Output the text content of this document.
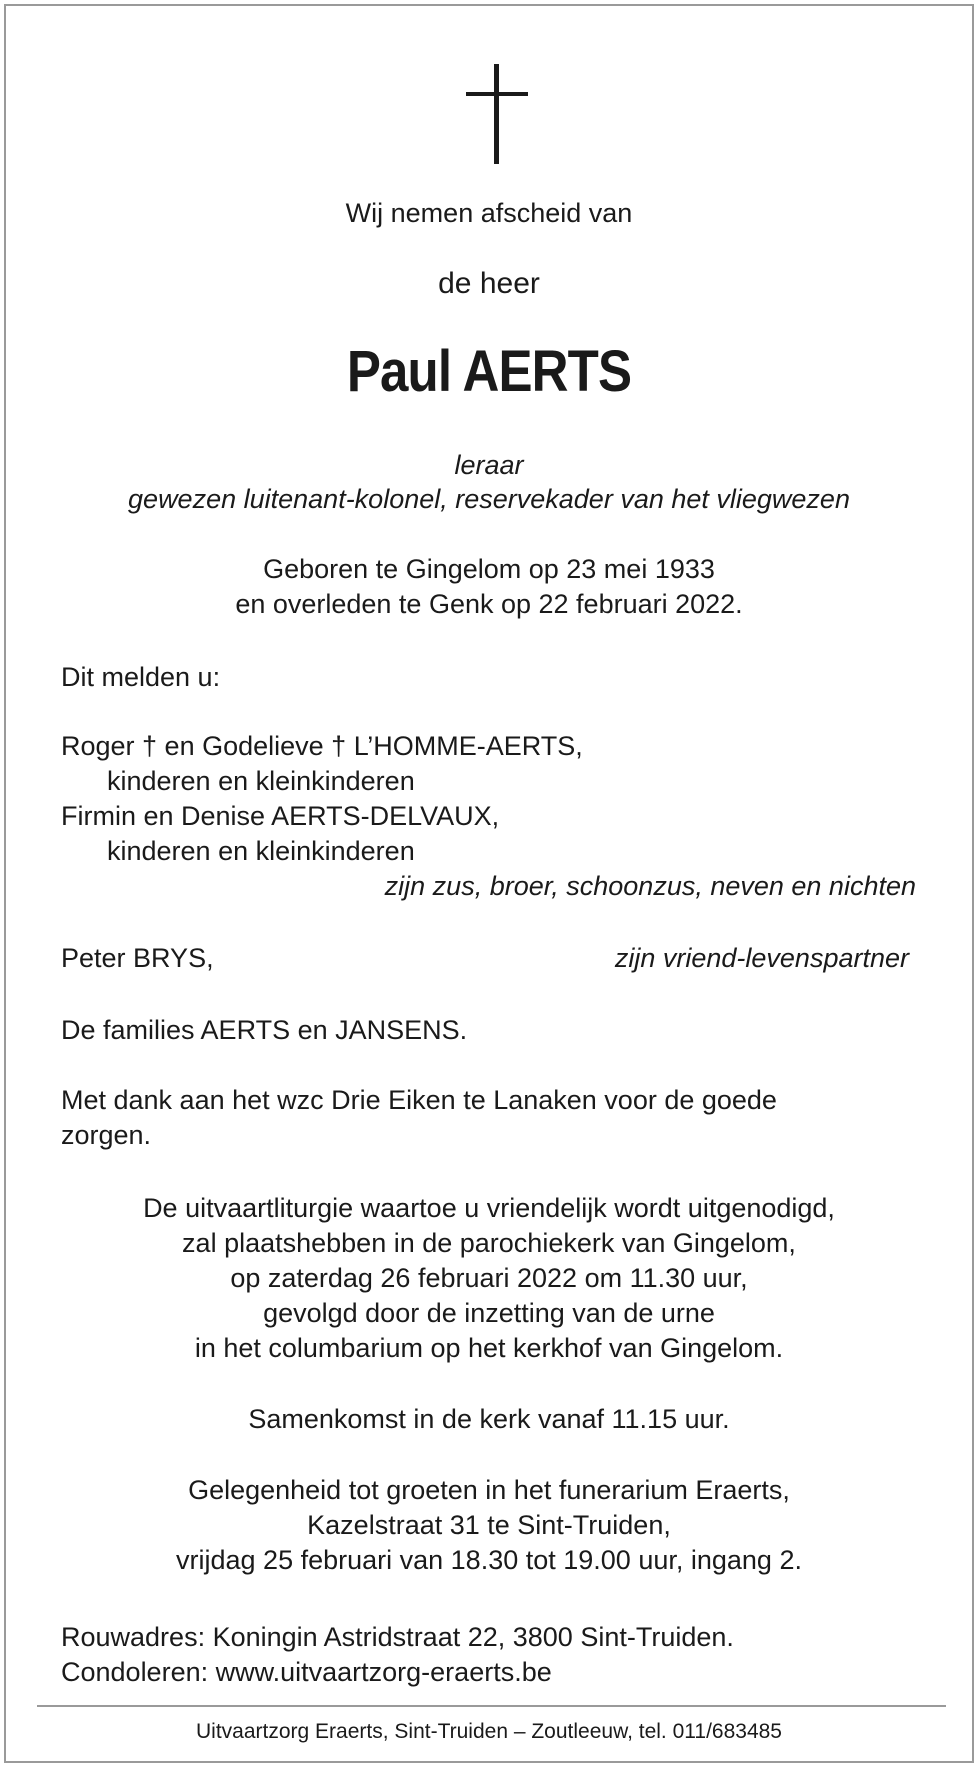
Wij nemen afscheid van
de heer
Paul AERTS
leraar
gewezen luitenant-kolonel, reservekader van het vliegwezen
Geboren te Gingelom op 23 mei 1933
en overleden te Genk op 22 februari 2022.
Dit melden u:
Roger † en Godelieve † L’HOMME-AERTS,
kinderen en kleinkinderen
Firmin en Denise AERTS-DELVAUX,
kinderen en kleinkinderen
zijn zus, broer, schoonzus, neven en nichten
Peter BRYS,	zijn vriend-levenspartner
De families AERTS en JANSENS.
Met dank aan het wzc Drie Eiken te Lanaken voor de goede
zorgen.
De uitvaartliturgie waartoe u vriendelijk wordt uitgenodigd,
zal plaatshebben in de parochiekerk van Gingelom,
op zaterdag 26 februari 2022 om 11.30 uur,
gevolgd door de inzetting van de urne
in het columbarium op het kerkhof van Gingelom.
Samenkomst in de kerk vanaf 11.15 uur.
Gelegenheid tot groeten in het funerarium Eraerts,
Kazelstraat 31 te Sint-Truiden,
vrijdag 25 februari van 18.30 tot 19.00 uur, ingang 2.
Rouwadres: Koningin Astridstraat 22, 3800 Sint-Truiden.
Condoleren: www.uitvaartzorg-eraerts.be
Uitvaartzorg Eraerts, Sint-Truiden – Zoutleeuw, tel. 011/683485
